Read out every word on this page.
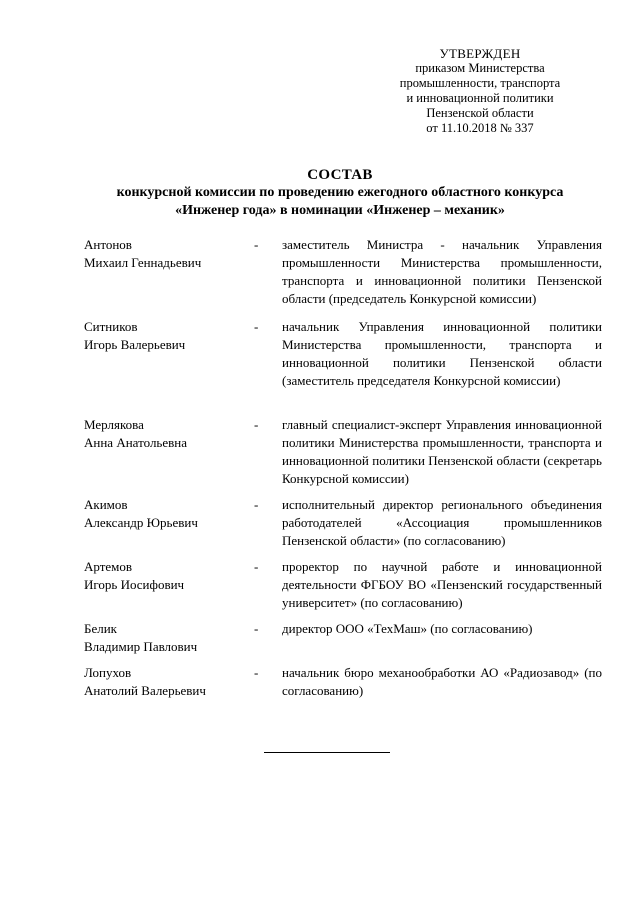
УТВЕРЖДЕН
приказом Министерства
промышленности, транспорта
и инновационной политики
Пензенской области
от 11.10.2018 № 337
СОСТАВ
конкурсной комиссии по проведению ежегодного областного конкурса
«Инженер года» в номинации «Инженер – механик»
Антонов
Михаил Геннадьевич
-	заместитель Министра - начальник Управления промышленности Министерства промышленности, транспорта и инновационной политики Пензенской области (председатель Конкурсной комиссии)
Ситников
Игорь Валерьевич
-	начальник Управления инновационной политики Министерства промышленности, транспорта и инновационной политики Пензенской области (заместитель председателя Конкурсной комиссии)
Мерлякова
Анна Анатольевна
-	главный специалист-эксперт Управления инновационной политики Министерства промышленности, транспорта и инновационной политики Пензенской области (секретарь Конкурсной комиссии)
Акимов
Александр Юрьевич
-	исполнительный директор регионального объединения работодателей «Ассоциация промышленников Пензенской области» (по согласованию)
Артемов
Игорь Иосифович
-	проректор по научной работе и инновационной деятельности ФГБОУ ВО «Пензенский государственный университет» (по согласованию)
Белик
Владимир Павлович
-	директор ООО «ТехМаш» (по согласованию)
Лопухов
Анатолий Валерьевич
-	начальник бюро механообработки АО «Радиозавод» (по согласованию)
